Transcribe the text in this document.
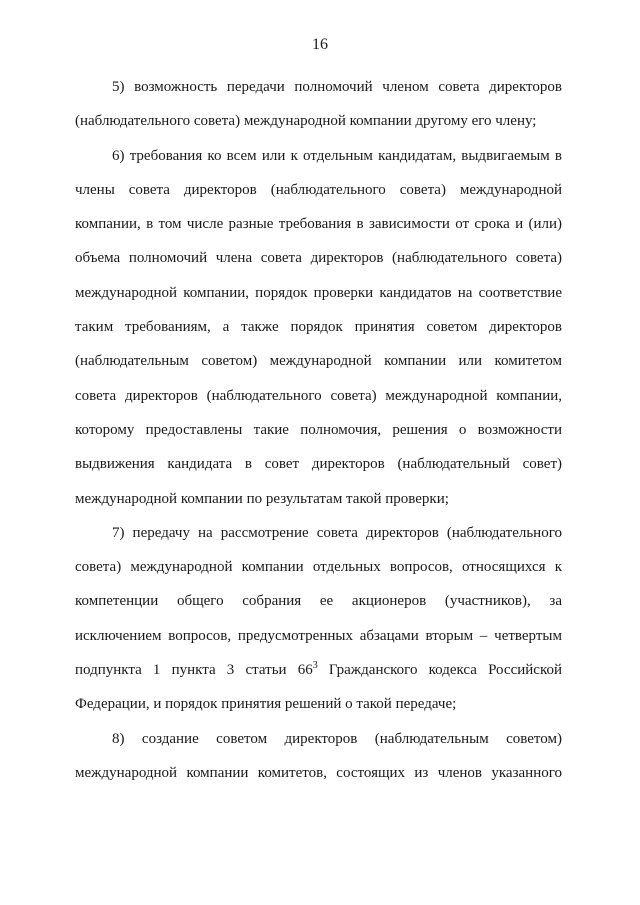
16

5) возможность передачи полномочий членом совета директоров
(наблюдательного совета) международной компании другому его члену;

6) требования ко всем или к отдельным кандидатам, выдвигаемым в
члены совета директоров (наблюдательного совета) международной
компании, в том числе разные требования в зависимости от срока и (или)
объема полномочий члена совета директоров (наблюдательного совета)
международной компании, порядок проверки кандидатов на соответствие
таким требованиям, а также порядок принятия советом директоров
(наблюдательным советом) международной компании или комитетом
совета директоров (наблюдательного совета) международной компании,
которому предоставлены такие полномочия, решения о возможности
выдвижения кандидата в совет директоров (наблюдательный совет)
международной компании по результатам такой проверки;

7) передачу на рассмотрение совета директоров (наблюдательного
совета) международной компании отдельных вопросов, относящихся к
компетенции общего собрания ее акционеров (участников), за
исключением вопросов, предусмотренных абзацами вторым – четвертым
подпункта 1 пункта 3 статьи $66^3$ Гражданского кодекса Российской
Федерации, и порядок принятия решений о такой передаче;

8) создание советом директоров (наблюдательным советом)
международной компании комитетов, состоящих из членов указанного
